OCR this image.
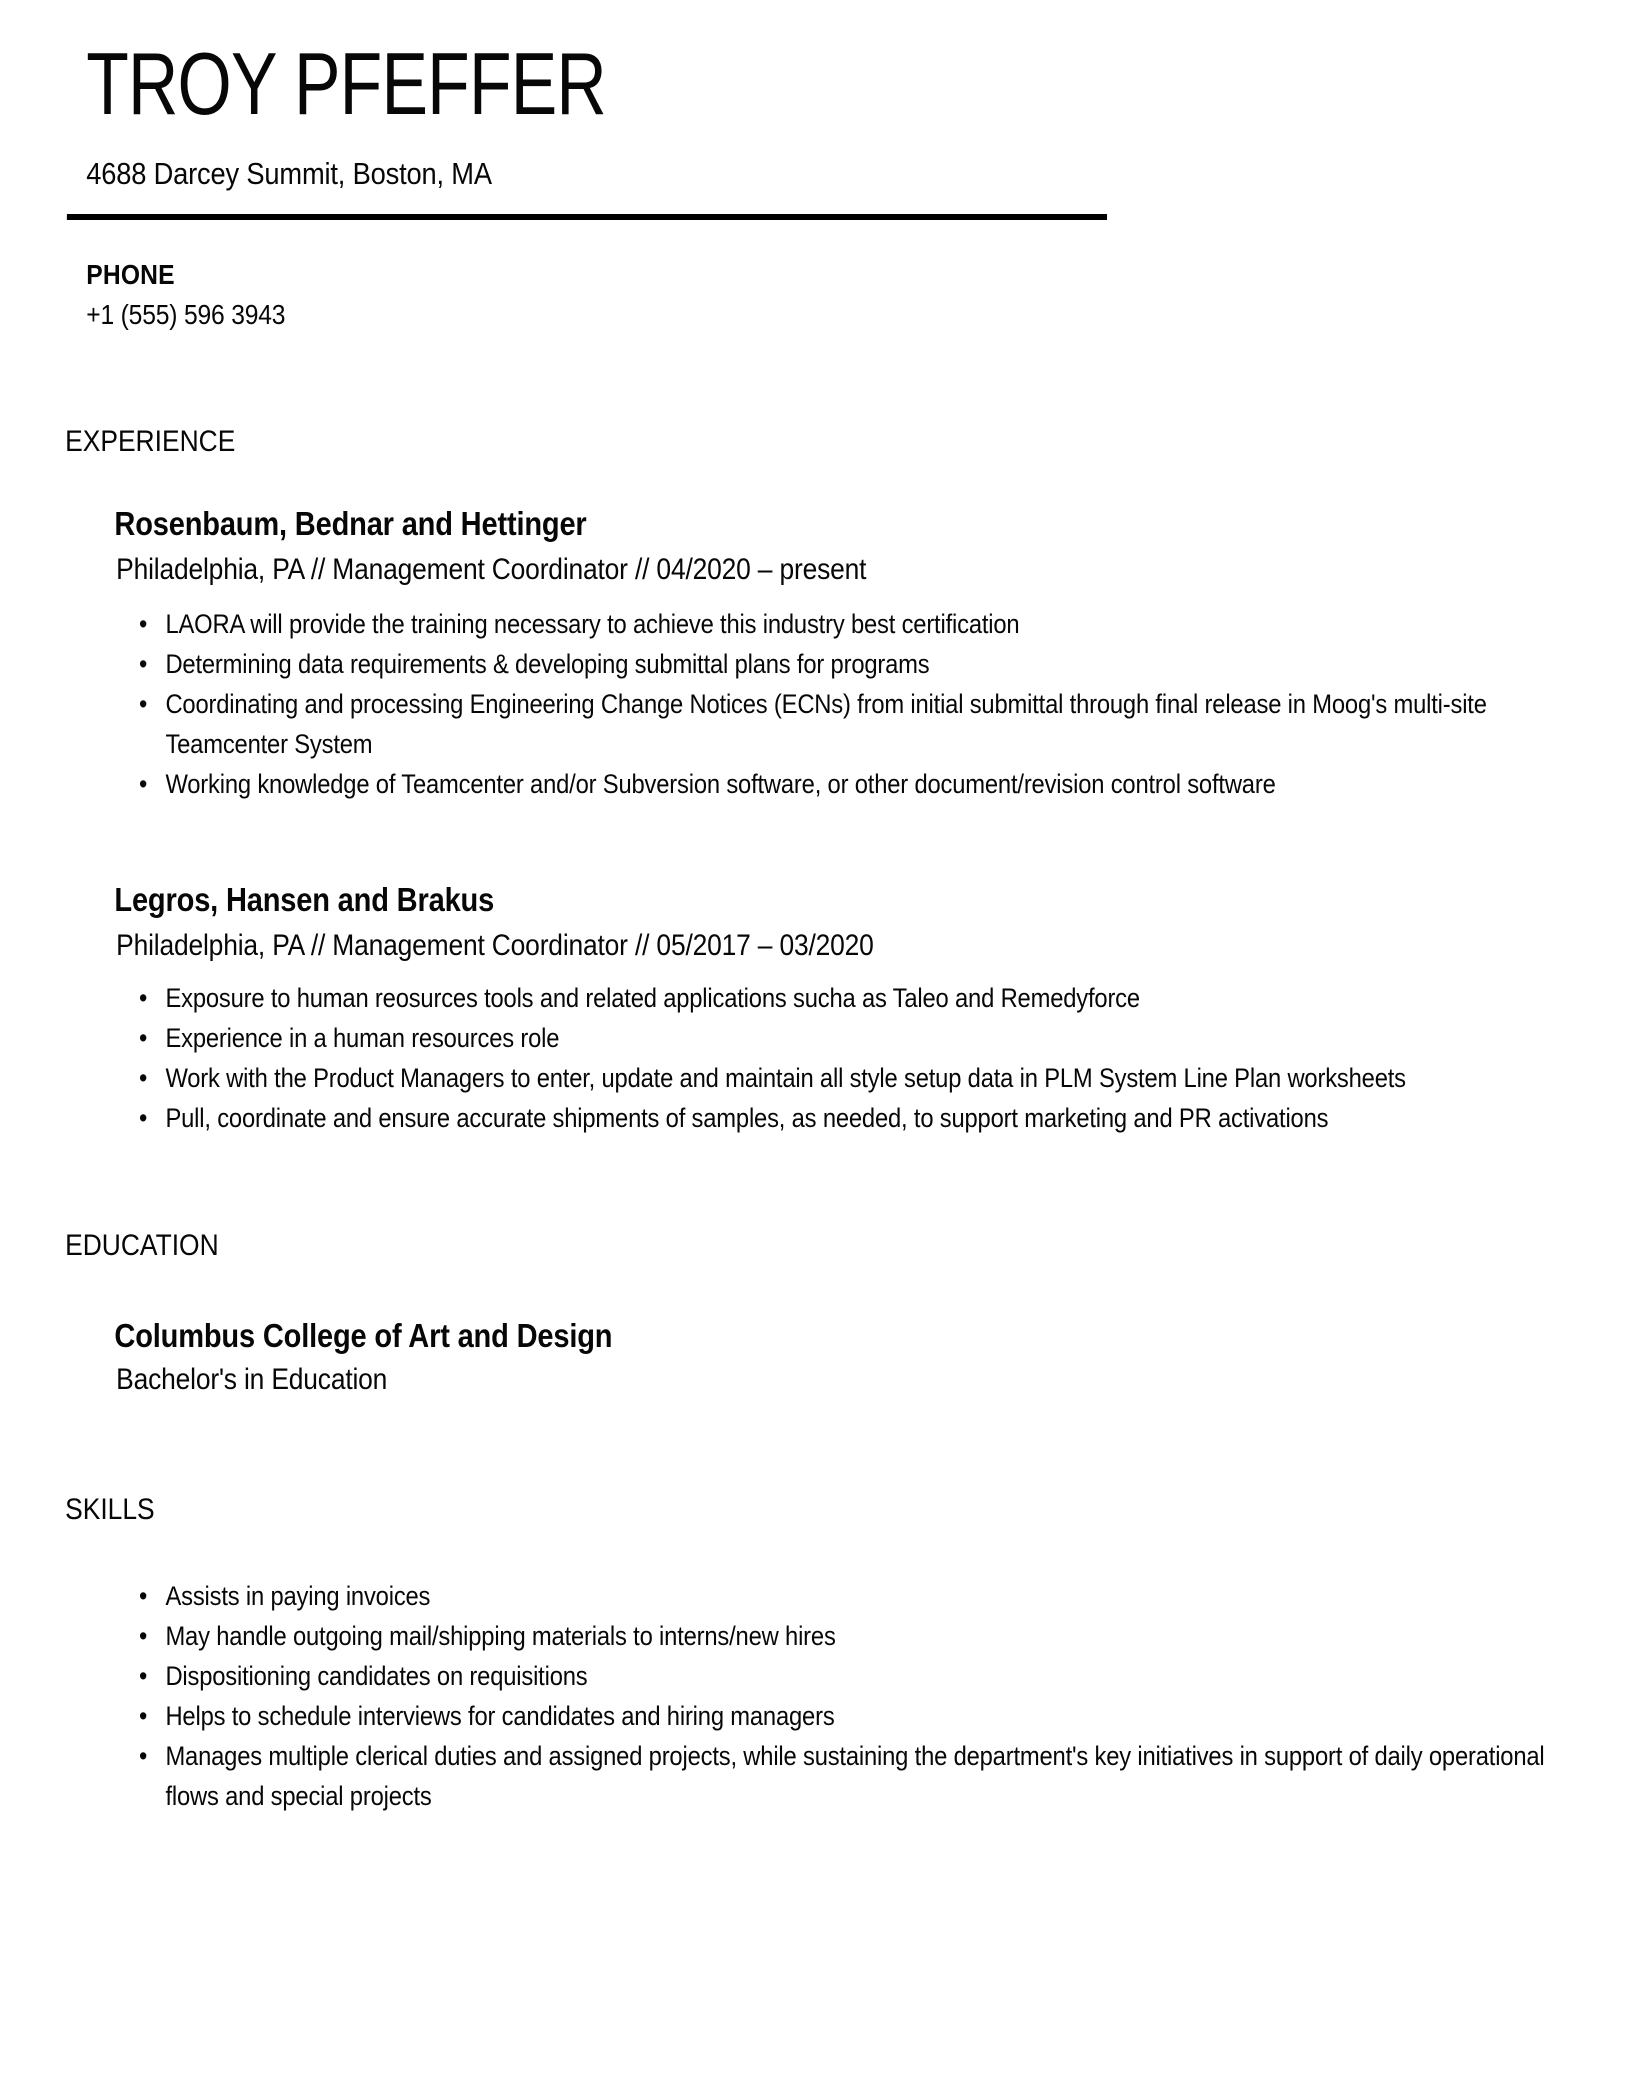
TROY PFEFFER
4688 Darcey Summit, Boston, MA
PHONE
+1 (555) 596 3943
EXPERIENCE
Rosenbaum, Bednar and Hettinger
Philadelphia, PA // Management Coordinator // 04/2020 – present
• LAORA will provide the training necessary to achieve this industry best certification
• Determining data requirements & developing submittal plans for programs
• Coordinating and processing Engineering Change Notices (ECNs) from initial submittal through final release in Moog's multi-site Teamcenter System
• Working knowledge of Teamcenter and/or Subversion software, or other document/revision control software
Legros, Hansen and Brakus
Philadelphia, PA // Management Coordinator // 05/2017 – 03/2020
• Exposure to human reosurces tools and related applications sucha as Taleo and Remedyforce
• Experience in a human resources role
• Work with the Product Managers to enter, update and maintain all style setup data in PLM System Line Plan worksheets
• Pull, coordinate and ensure accurate shipments of samples, as needed, to support marketing and PR activations
EDUCATION
Columbus College of Art and Design
Bachelor's in Education
SKILLS
• Assists in paying invoices
• May handle outgoing mail/shipping materials to interns/new hires
• Dispositioning candidates on requisitions
• Helps to schedule interviews for candidates and hiring managers
• Manages multiple clerical duties and assigned projects, while sustaining the department's key initiatives in support of daily operational flows and special projects
